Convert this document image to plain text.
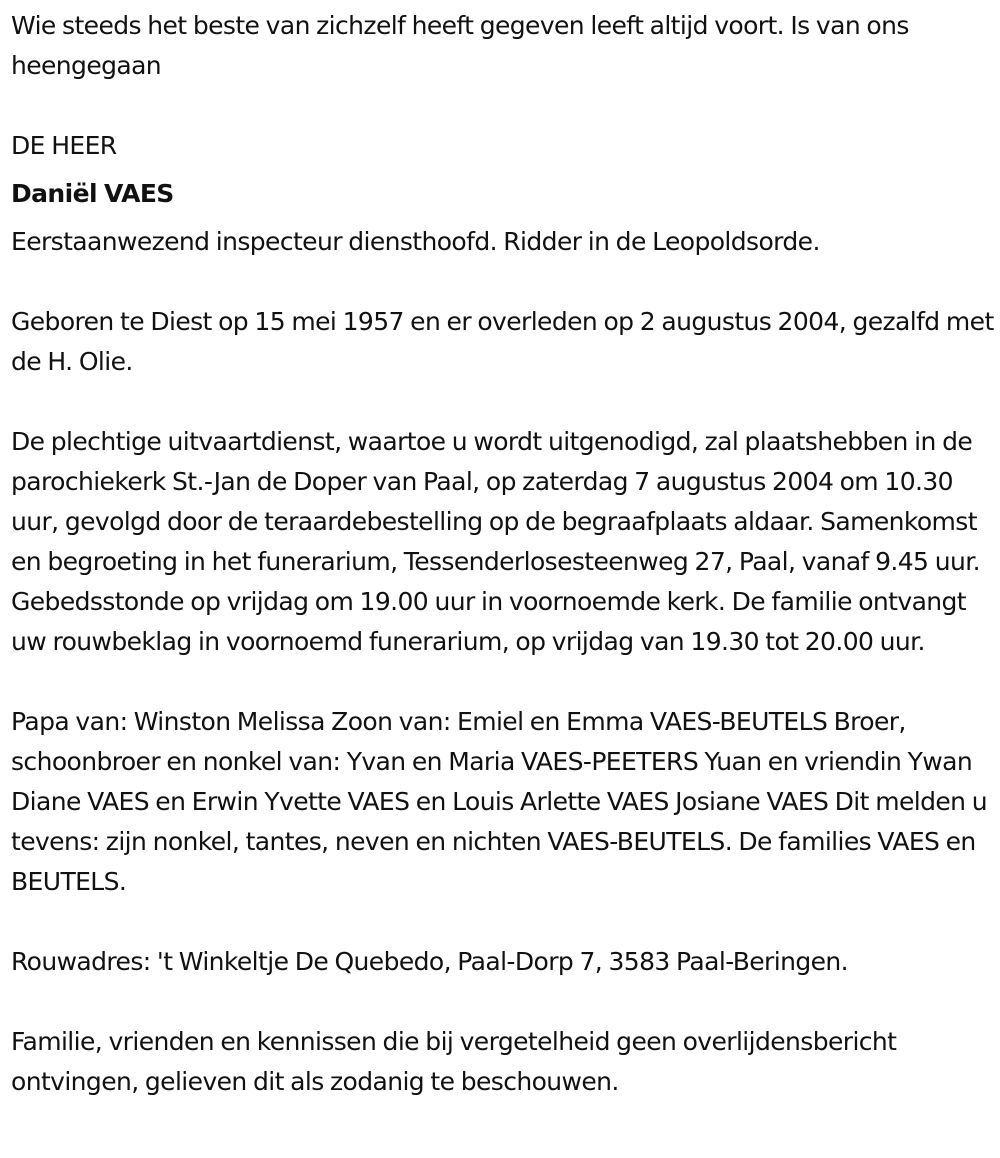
Wie steeds het beste van zichzelf heeft gegeven leeft altijd voort. Is van ons heengegaan

DE HEER

Daniël VAES

Eerstaanwezend inspecteur diensthoofd. Ridder in de Leopoldsorde.

Geboren te Diest op 15 mei 1957 en er overleden op 2 augustus 2004, gezalfd met de H. Olie.

De plechtige uitvaartdienst, waartoe u wordt uitgenodigd, zal plaatshebben in de parochiekerk St.-Jan de Doper van Paal, op zaterdag 7 augustus 2004 om 10.30 uur, gevolgd door de teraardebestelling op de begraafplaats aldaar. Samenkomst en begroeting in het funerarium, Tessenderlosesteenweg 27, Paal, vanaf 9.45 uur. Gebedsstonde op vrijdag om 19.00 uur in voornoemde kerk. De familie ontvangt uw rouwbeklag in voornoemd funerarium, op vrijdag van 19.30 tot 20.00 uur.

Papa van: Winston Melissa Zoon van: Emiel en Emma VAES-BEUTELS Broer, schoonbroer en nonkel van: Yvan en Maria VAES-PEETERS Yuan en vriendin Ywan Diane VAES en Erwin Yvette VAES en Louis Arlette VAES Josiane VAES Dit melden u tevens: zijn nonkel, tantes, neven en nichten VAES-BEUTELS. De families VAES en BEUTELS.

Rouwadres: 't Winkeltje De Quebedo, Paal-Dorp 7, 3583 Paal-Beringen.

Familie, vrienden en kennissen die bij vergetelheid geen overlijdensbericht ontvingen, gelieven dit als zodanig te beschouwen.
